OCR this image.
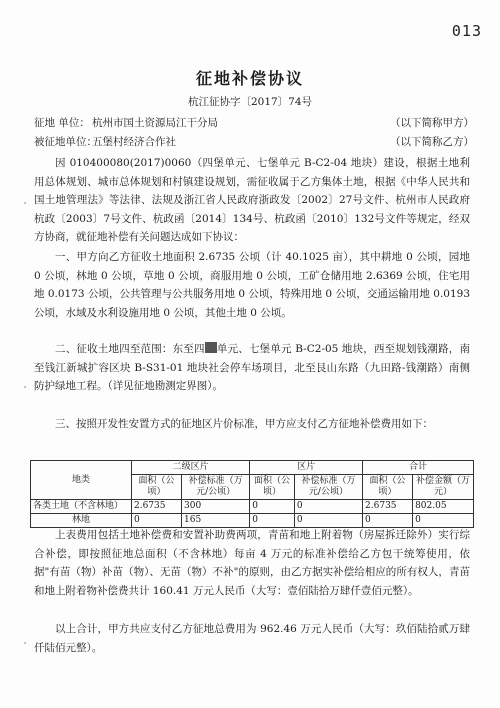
013
′
′
′
征地补偿协议
杭江征协字〔2017〕74号
征地 单位： 杭州市国土资源局江干分局	（以下简称甲方）
被征地单位：
五堡村经济合作社	（以下简称乙方）

因 010400080(2017)0060（四堡单元、七堡单元 B-C2-04 地块）建设，根据土地利用总体规划、城市总体规划和村镇建设规划，需征收属于乙方集体土地，根据《中华人民共和国土地管理法》等法律、法规及浙江省人民政府浙政发〔2002〕27号文件、杭州市人民政府杭政〔2003〕7号文件、杭政函〔2014〕134号、杭政函〔2010〕132号文件等规定，经双方协商，就征地补偿有关问题达成如下协议：

一、甲方向乙方征收土地面积 2.6735 公顷（计 40.1025 亩），其中耕地 0 公顷，园地 0 公顷，林地 0 公顷，草地 0 公顷，商服用地 0 公顷，工矿仓储用地 2.6369 公顷，住宅用地 0.0173 公顷，公共管理与公共服务用地 0 公顷，特殊用地 0 公顷，交通运输用地 0.0193 公顷，水域及水利设施用地 0 公顷，其他土地 0 公顷。

二、征收土地四至范围：东至四 单元、七堡单元 B-C2-05 地块，西至规划钱潮路，南至钱江新城扩容区块 B-S31-01 地块社会停车场项目，北至艮山东路（九田路-钱潮路）南侧防护绿地工程。（详见征地勘测定界图）。

三、按照开发性安置方式的征地区片价标准，甲方应支付乙方征地补偿费用如下：

地类	二级区片		区片		合计	
	面积（公顷）	补偿标准（万元/公顷）	面积（公顷）	补偿标准（万元/公顷）	面积（公顷）	补偿金额（万元）
各类土地（不含林地）	2.6735	300	0	0	2.6735	802.05
林地	0	165	0	0	0	0

上表费用包括土地补偿费和安置补助费两项，青苗和地上附着物（房屋拆迁除外）实行综合补偿，即按照征地总面积（不含林地）每亩 4 万元的标准补偿给乙方包干统筹使用，依据"有苗（物）补苗（物）、无苗（物）不补"的原则，由乙方据实补偿给相应的所有权人，青苗和地上附着物补偿费共计 160.41 万元人民币（大写：壹佰陆拾万肆仟壹佰元整）。

以上合计，甲方共应支付乙方征地总费用为 962.46 万元人民币（大写：玖佰陆拾贰万肆仟陆佰元整）。
